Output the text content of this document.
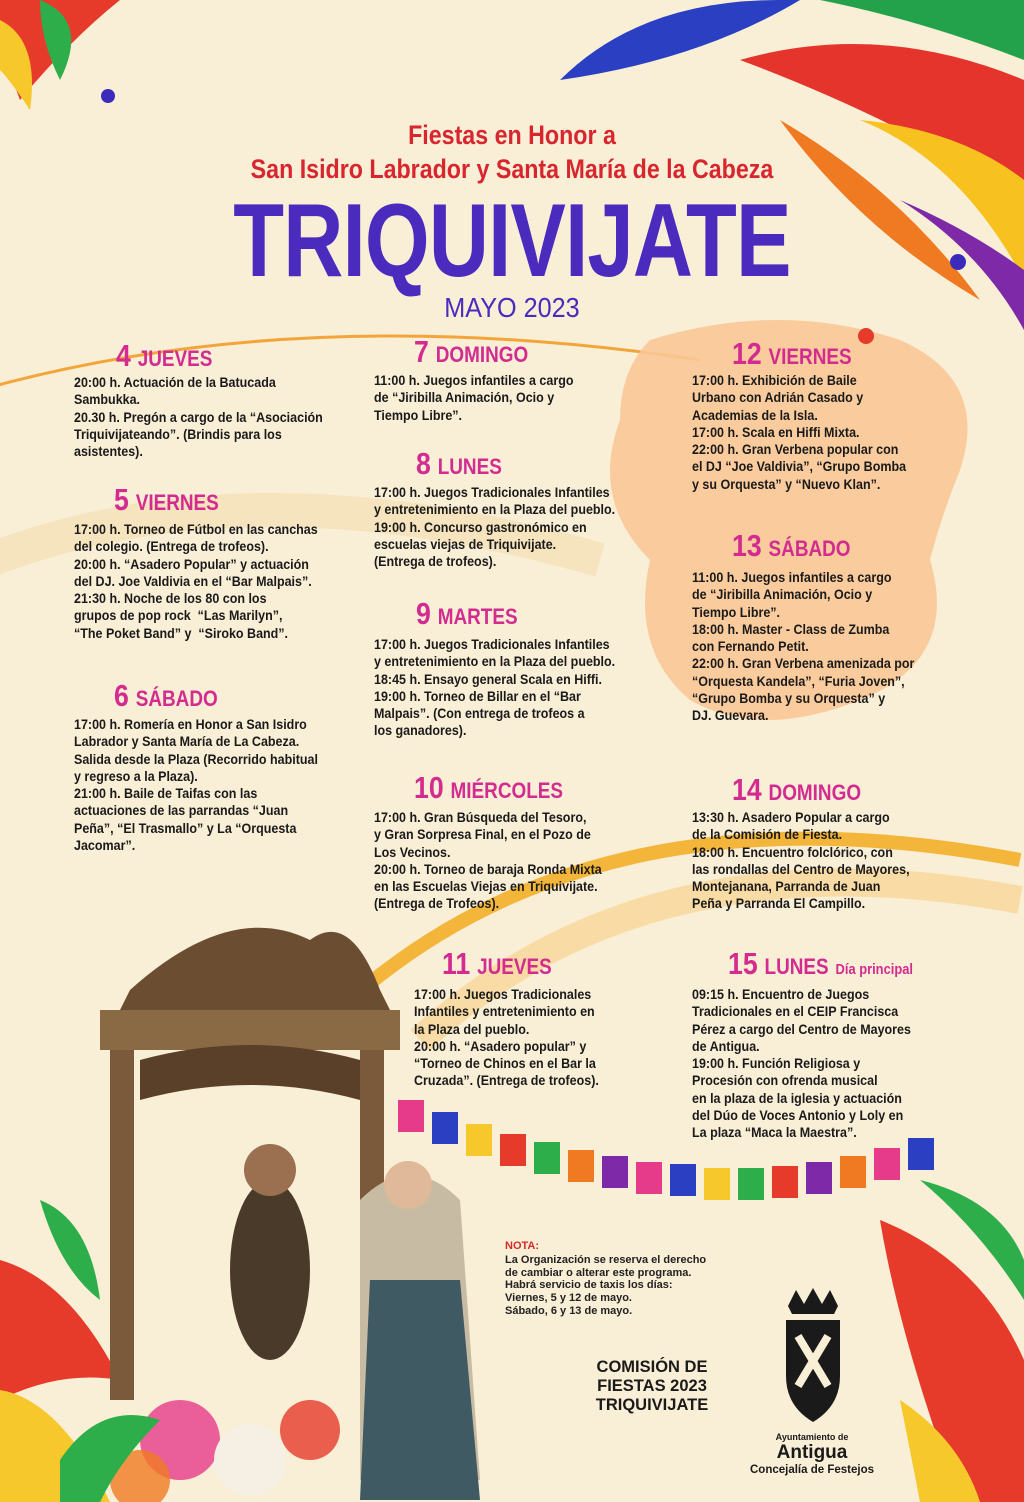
Fiestas en Honor a
San Isidro Labrador y Santa María de la Cabeza
TRIQUIVIJATE
MAYO 2023
4 JUEVES
20:00 h. Actuación de la Batucada
Sambukka.
20.30 h. Pregón a cargo de la “Asociación
Triquivijateando”. (Brindis para los
asistentes).
5 VIERNES
17:00 h. Torneo de Fútbol en las canchas
del colegio. (Entrega de trofeos).
20:00 h. “Asadero Popular” y actuación
del DJ. Joe Valdivia en el “Bar Malpais”.
21:30 h. Noche de los 80 con los
grupos de pop rock  “Las Marilyn”,
“The Poket Band” y  “Siroko Band”.
6 SÁBADO
17:00 h. Romería en Honor a San Isidro
Labrador y Santa María de La Cabeza.
Salida desde la Plaza (Recorrido habitual
y regreso a la Plaza).
21:00 h. Baile de Taifas con las
actuaciones de las parrandas “Juan
Peña”, “El Trasmallo” y La “Orquesta
Jacomar”.
7 DOMINGO
11:00 h. Juegos infantiles a cargo
de “Jiribilla Animación, Ocio y
Tiempo Libre”.
8 LUNES
17:00 h. Juegos Tradicionales Infantiles
y entretenimiento en la Plaza del pueblo.
19:00 h. Concurso gastronómico en
escuelas viejas de Triquivijate.
(Entrega de trofeos).
9 MARTES
17:00 h. Juegos Tradicionales Infantiles
y entretenimiento en la Plaza del pueblo.
18:45 h. Ensayo general Scala en Hiffi.
19:00 h. Torneo de Billar en el “Bar
Malpais”. (Con entrega de trofeos a
los ganadores).
10 MIÉRCOLES
17:00 h. Gran Búsqueda del Tesoro,
y Gran Sorpresa Final, en el Pozo de
Los Vecinos.
20:00 h. Torneo de baraja Ronda Mixta
en las Escuelas Viejas en Triquivijate.
(Entrega de Trofeos).
11 JUEVES
17:00 h. Juegos Tradicionales
Infantiles y entretenimiento en
la Plaza del pueblo.
20:00 h. “Asadero popular” y
“Torneo de Chinos en el Bar la
Cruzada”. (Entrega de trofeos).
12 VIERNES
17:00 h. Exhibición de Baile
Urbano con Adrián Casado y
Academias de la Isla.
17:00 h. Scala en Hiffi Mixta.
22:00 h. Gran Verbena popular con
el DJ “Joe Valdivia”, “Grupo Bomba
y su Orquesta” y “Nuevo Klan”.
13 SÁBADO
11:00 h. Juegos infantiles a cargo
de “Jiribilla Animación, Ocio y
Tiempo Libre”.
18:00 h. Master - Class de Zumba
con Fernando Petit.
22:00 h. Gran Verbena amenizada por
“Orquesta Kandela”, “Furia Joven”,
“Grupo Bomba y su Orquesta” y
DJ. Guevara.
14 DOMINGO
13:30 h. Asadero Popular a cargo
de la Comisión de Fiesta.
18:00 h. Encuentro folclórico, con
las rondallas del Centro de Mayores,
Montejanana, Parranda de Juan
Peña y Parranda El Campillo.
15 LUNES Día principal
09:15 h. Encuentro de Juegos
Tradicionales en el CEIP Francisca
Pérez a cargo del Centro de Mayores
de Antigua.
19:00 h. Función Religiosa y
Procesión con ofrenda musical
en la plaza de la iglesia y actuación
del Dúo de Voces Antonio y Loly en
La plaza “Maca la Maestra”.
NOTA:
La Organización se reserva el derecho
de cambiar o alterar este programa.
Habrá servicio de taxis los días:
Viernes, 5 y 12 de mayo.
Sábado, 6 y 13 de mayo.
COMISIÓN DE
FIESTAS 2023
TRIQUIVIJATE
Ayuntamiento de
Antigua
Concejalía de Festejos
